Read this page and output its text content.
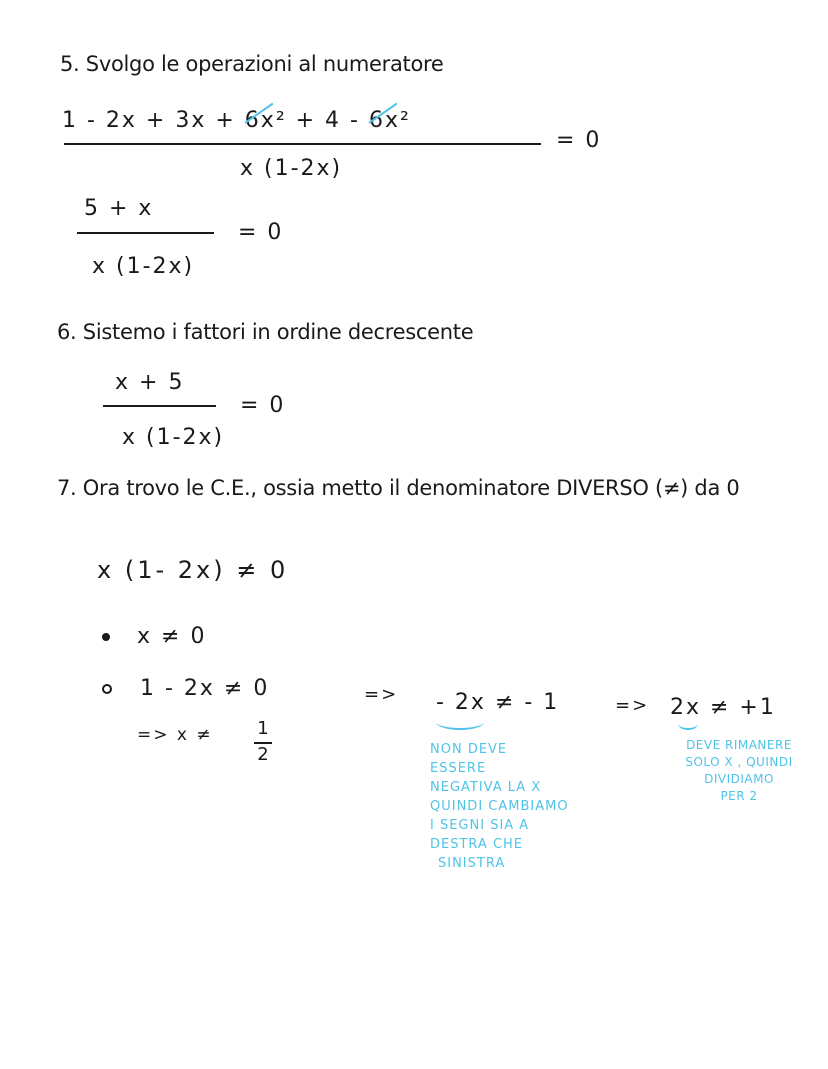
5. Svolgo le operazioni al numeratore
1 - 2x + 3x + 6x²
+ 4 - 6x²
= 0
x (1-2x)
5 + x
= 0
x (1-2x)
6. Sistemo i fattori in ordine decrescente
x + 5
= 0
x (1-2x)
7. Ora trovo le C.E., ossia metto il denominatore DIVERSO (≠) da 0
x (1- 2x) ≠ 0
x ≠ 0
1 - 2x ≠ 0	=> - 2x ≠ - 1	=> 2x ≠ +1
=> x ≠ 1
2	NON DEVE
ESSERE
NEGATIVA LA X
QUINDI CAMBIAMO
I SEGNI SIA A
DESTRA CHE
SINISTRA
DEVE RIMANERE
SOLO X , QUINDI
DIVIDIAMO
PER 2
